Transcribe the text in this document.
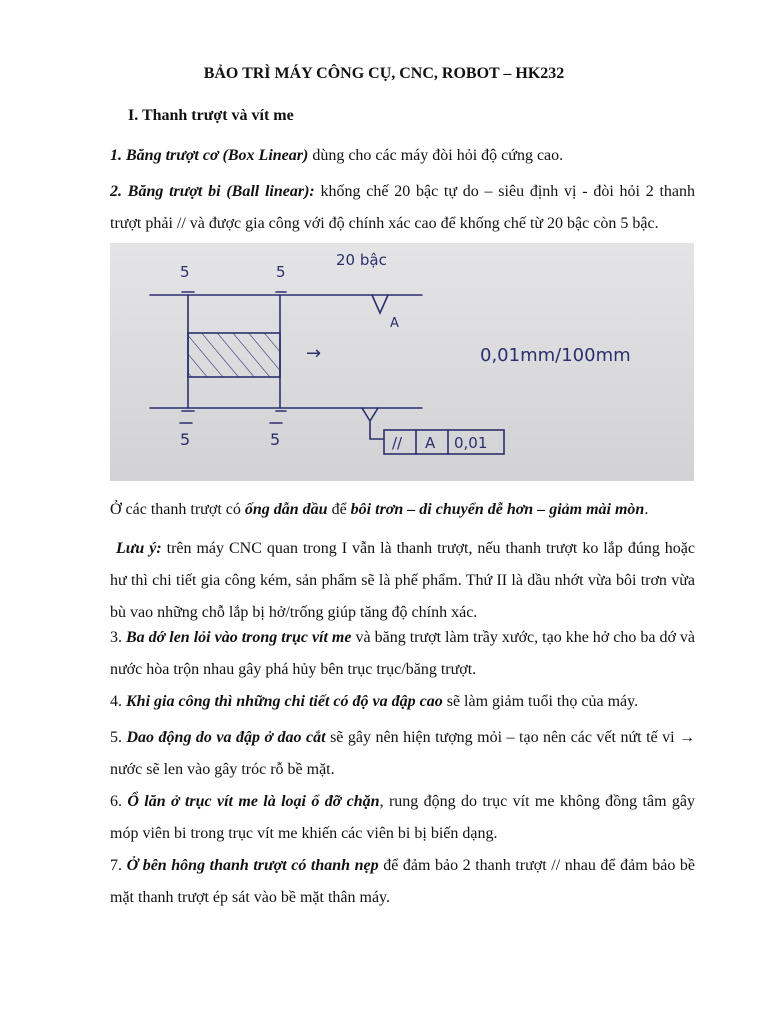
BẢO TRÌ MÁY CÔNG CỤ, CNC, ROBOT – HK232
I. Thanh trượt và vít me

1. Băng trượt cơ (Box Linear) dùng cho các máy đòi hỏi độ cứng cao.

2. Băng trượt bi (Ball linear): khống chế 20 bậc tự do – siêu định vị - đòi hỏi 2 thanh trượt phải // và được gia công với độ chính xác cao để khống chế từ 20 bậc còn 5 bậc.

20 bậc
5	5
5	5
A
→	0,01mm/100mm
// A 0,01

Ở các thanh trượt có ống dẫn dầu để bôi trơn – di chuyển dễ hơn – giảm mài mòn.

Lưu ý: trên máy CNC quan trong I vẫn là thanh trượt, nếu thanh trượt ko lắp đúng hoặc hư thì chi tiết gia công kém, sản phẩm sẽ là phế phẩm. Thứ II là dầu nhớt vừa bôi trơn vừa bù vao những chỗ lắp bị hở/trống giúp tăng độ chính xác.

3. Ba dớ len lỏi vào trong trục vít me và băng trượt làm trầy xước, tạo khe hở cho ba dớ và nước hòa trộn nhau gây phá hủy bên trục trục/băng trượt.

4. Khi gia công thì những chi tiết có độ va đập cao sẽ làm giảm tuổi thọ của máy.

5. Dao động do va đập ở dao cắt sẽ gây nên hiện tượng mỏi – tạo nên các vết nứt tế vi → nước sẽ len vào gây tróc rỗ bề mặt.

6. Ổ lăn ở trục vít me là loại ổ đỡ chặn, rung động do trục vít me không đồng tâm gây móp viên bi trong trục vít me khiến các viên bi bị biến dạng.

7. Ở bên hông thanh trượt có thanh nẹp để đảm bảo 2 thanh trượt // nhau để đảm bảo bề mặt thanh trượt ép sát vào bề mặt thân máy.
